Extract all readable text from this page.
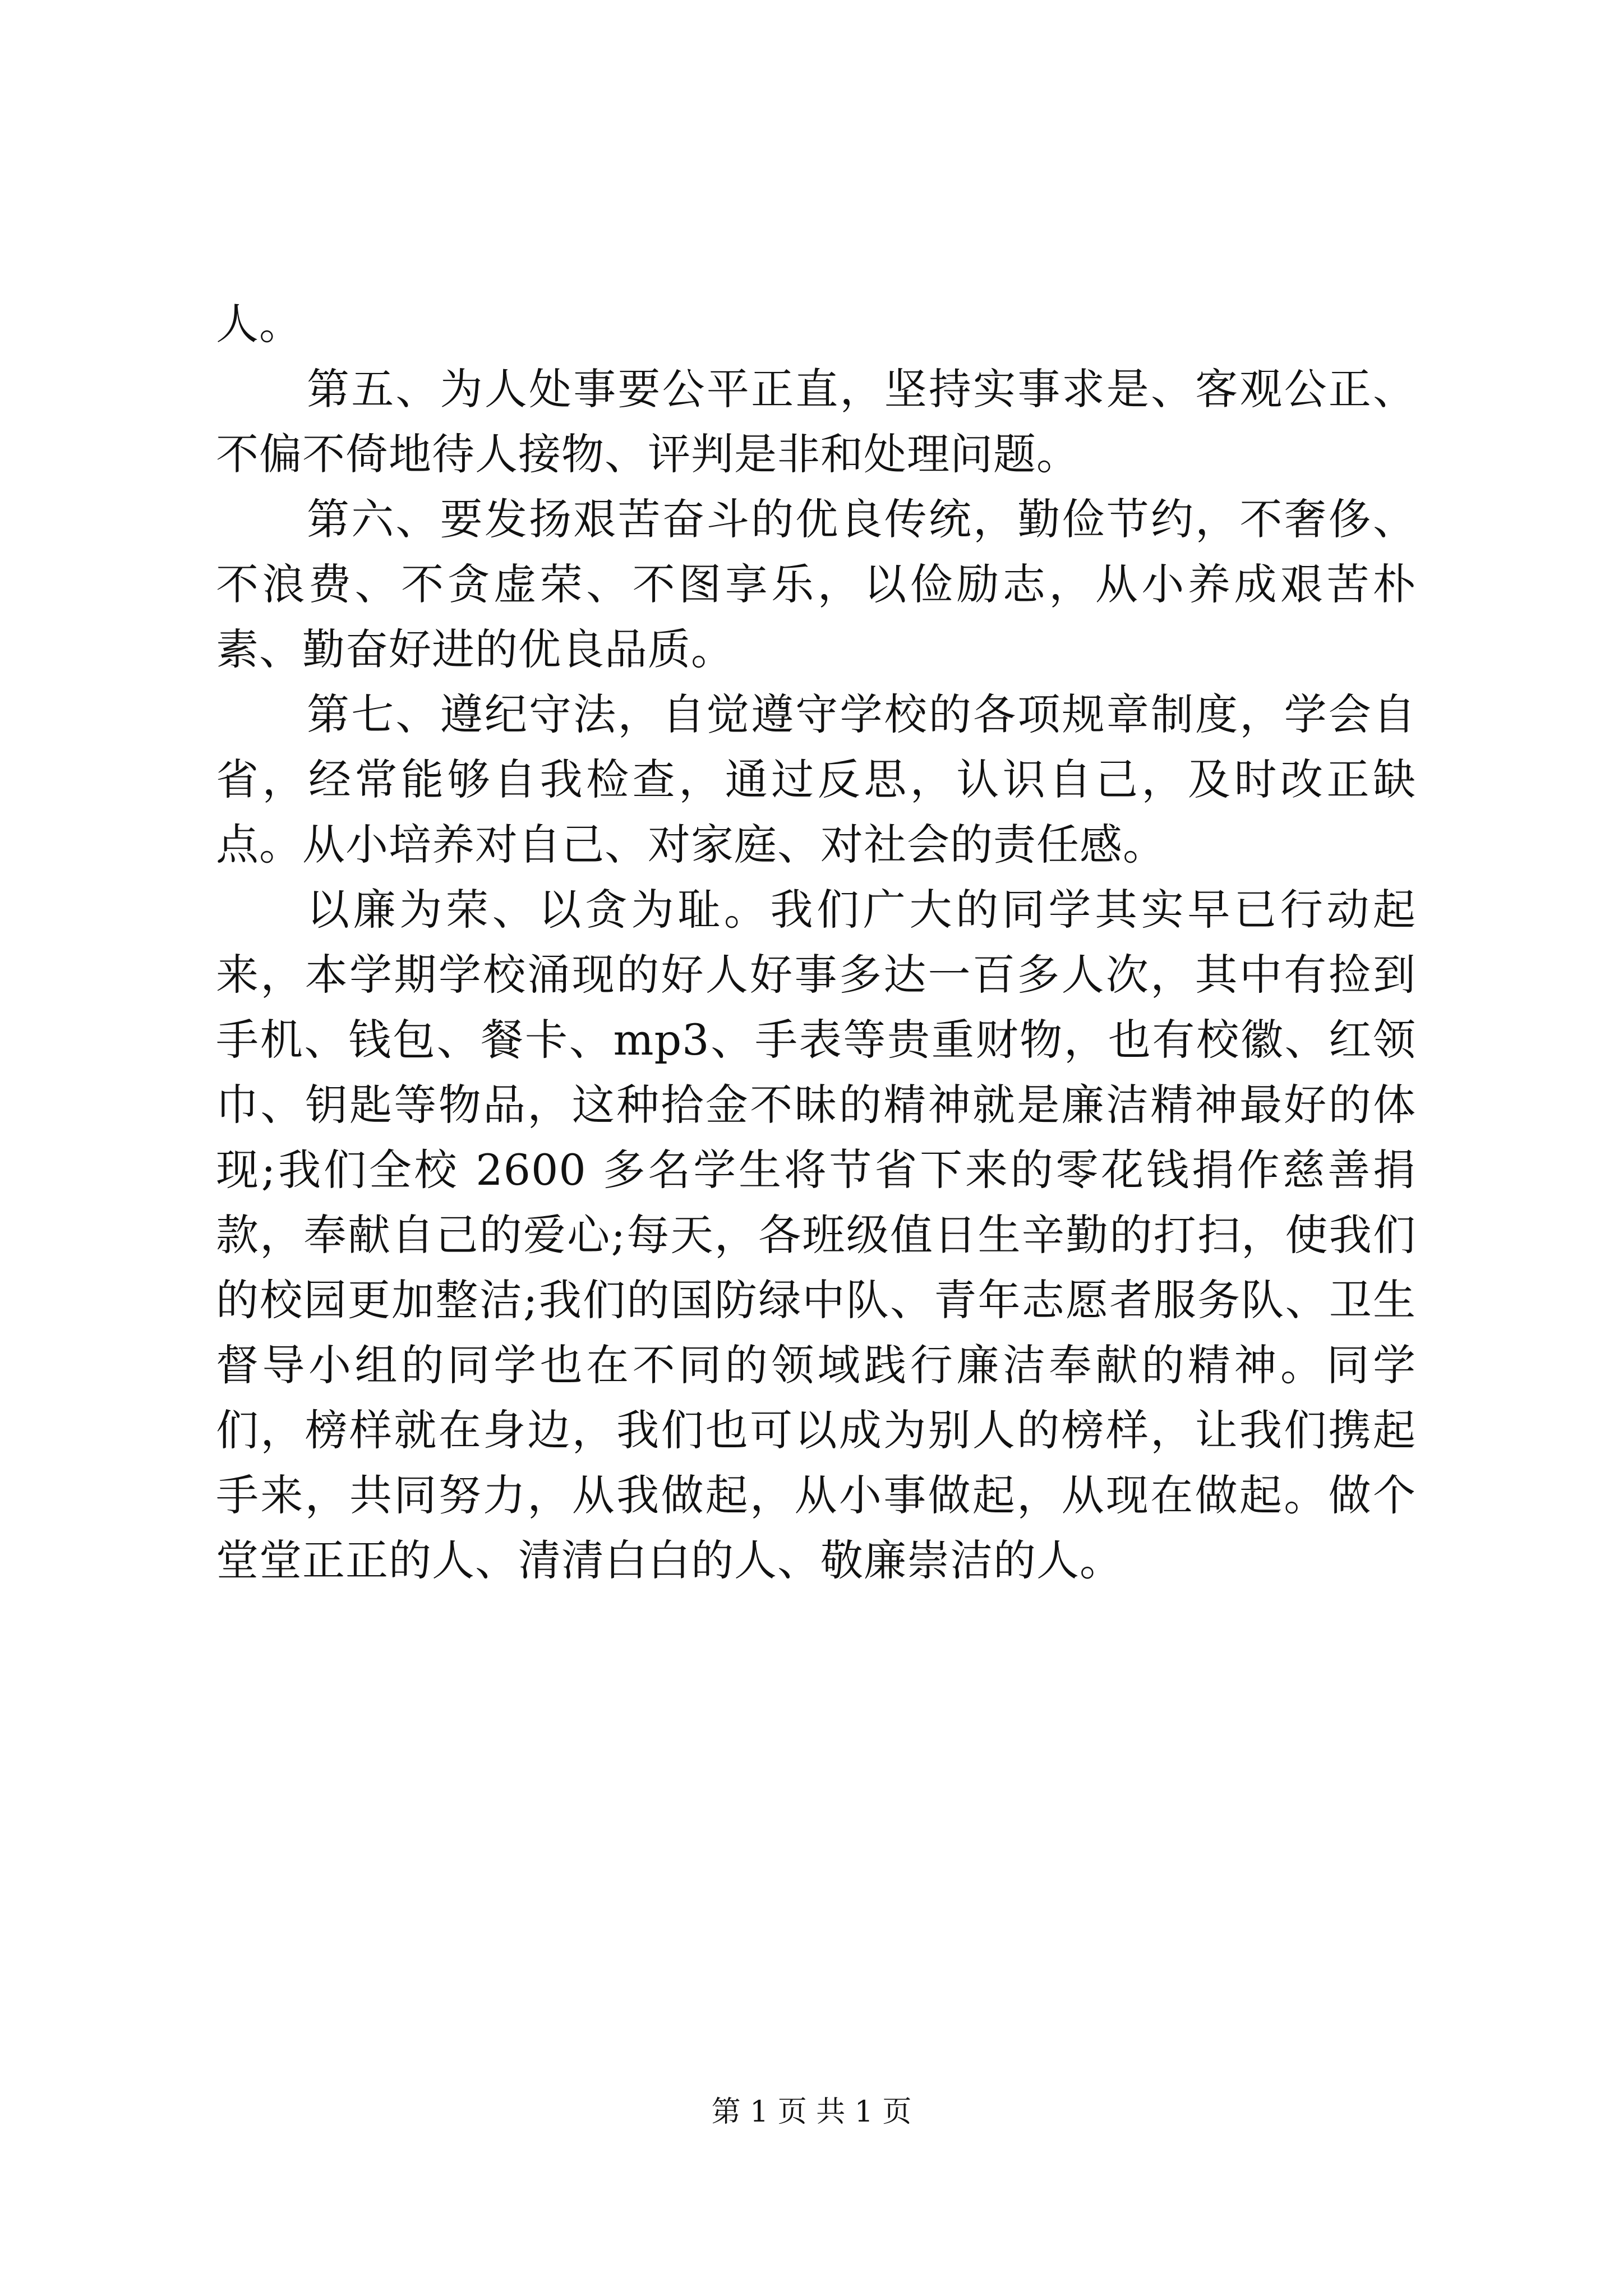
人。

第五、为人处事要公平正直，坚持实事求是、客观公正、不偏不倚地待人接物、评判是非和处理问题。

第六、要发扬艰苦奋斗的优良传统，勤俭节约，不奢侈、不浪费、不贪虚荣、不图享乐，以俭励志，从小养成艰苦朴素、勤奋好进的优良品质。

第七、遵纪守法，自觉遵守学校的各项规章制度，学会自省，经常能够自我检查，通过反思，认识自己，及时改正缺点。从小培养对自己、对家庭、对社会的责任感。

以廉为荣、以贪为耻。我们广大的同学其实早已行动起来，本学期学校涌现的好人好事多达一百多人次，其中有捡到手机、钱包、餐卡、mp3、手表等贵重财物，也有校徽、红领巾、钥匙等物品，这种拾金不昧的精神就是廉洁精神最好的体现;我们全校 2600 多名学生将节省下来的零花钱捐作慈善捐款，奉献自己的爱心;每天，各班级值日生辛勤的打扫，使我们的校园更加整洁;我们的国防绿中队、青年志愿者服务队、卫生督导小组的同学也在不同的领域践行廉洁奉献的精神。同学们，榜样就在身边，我们也可以成为别人的榜样，让我们携起手来，共同努力，从我做起，从小事做起，从现在做起。做个堂堂正正的人、清清白白的人、敬廉崇洁的人。

第 1 页 共 1 页
